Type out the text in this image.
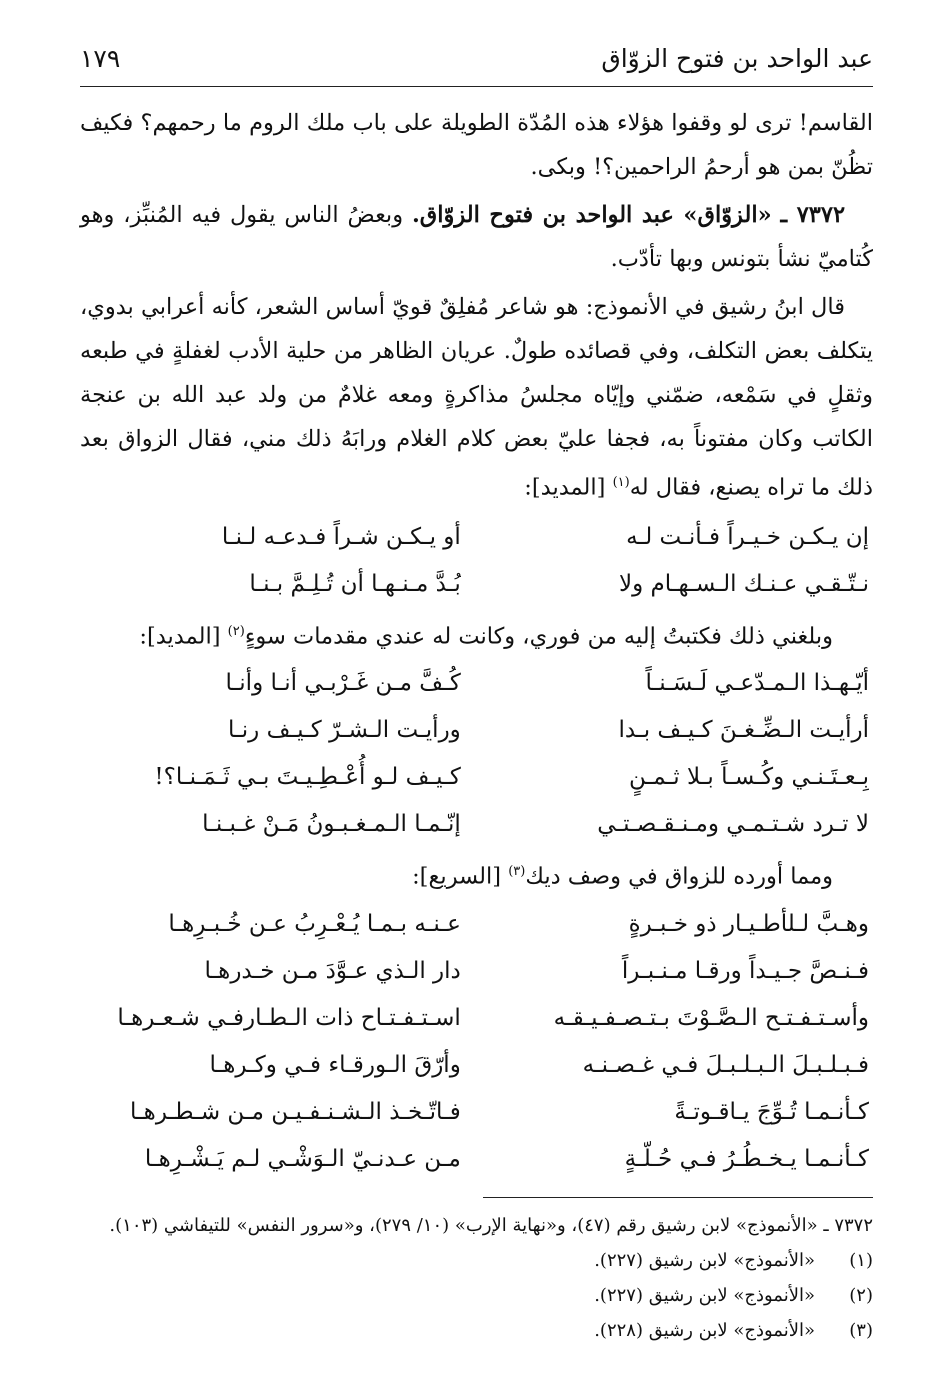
عبد الواحد بن فتوح الزوّاق
١٧٩

القاسم! ترى لو وقفوا هؤلاء هذه المُدّة الطويلة على باب ملك الروم ما رحمهم؟ فكيف تظُنّ بمن هو أرحمُ الراحمين؟! وبكى.

٧٣٧٢ ـ «الزوّاق» عبد الواحد بن فتوح الزوّاق. وبعضُ الناس يقول فيه المُنبِّز، وهو كُتاميّ نشأ بتونس وبها تأدّب.

قال ابنُ رشيق في الأنموذج: هو شاعر مُفلِقٌ قويّ أساس الشعر، كأنه أعرابي بدوي، يتكلف بعض التكلف، وفي قصائده طولٌ. عريان الظاهر من حلية الأدب لغفلةٍ في طبعه وثقلٍ في سَمْعه، ضمّني وإيّاه مجلسُ مذاكرةٍ ومعه غلامٌ من ولد عبد الله بن عنجة الكاتب وكان مفتوناً به، فجفا عليّ بعض كلام الغلام ورابَهُ ذلك مني، فقال الزواق بعد ذلك ما تراه يصنع، فقال له$^{(١)}$ [المديد]:

إن يـكـن خـيـراً فـأنـت لـه
أو يـكـن شـراً فـدعـه لـنـا
نـتّـقـي عـنـك الـسـهـام ولا
بُـدَّ مـنـهـا أن تُـلِـمَّ بـنـا
وبلغني ذلك فكتبتُ إليه من فوري، وكانت له عندي مقدمات سوءٍ$^{(٢)}$ [المديد]:
أيّـهـذا الـمـدّعـي لَـسَـنـاً
كُـفَّ مـن غَـرْبـي أنـا وأنـا
أرأيـت الـضِّـغـنَ كـيـف بـدا
ورأيـت الـشـرّ كـيـف رنـا
بِـعـتَـنـي وكُـسـاً بـلا ثـمـنٍ
كـيـف لـو أُعْـطِـيـتَ بـي ثَـمَـنـا؟!
لا تـرد شـتـمـي ومـنـقـصـتـي
إنّـمـا الـمـغـبـونُ مَـنْ غـبـنـا
ومما أورده للزواق في وصف ديك$^{(٣)}$ [السريع]:
وهـبَّ لـلأطـيـار ذو خـبـرةٍ
عـنـه بـمـا يُـعْـرِبُ عـن خُـبـرِهـا
فـنـصَّ جـيـداً ورقـا مـنـبـراً
دار الـذي عـوَّدَ مـن خـدرهـا
وأسـتـفـتـح الـصَّـوْتَ بـتـصـفـيـقـه
اسـتـفـتـاح ذات الـطـارفـي شـعـرهـا
فـبـلـبـلَ الـبـلـبـلَ فـي غـصـنـه
وأرّقَ الـورقـاء فـي وكـرهـا
كـأنـمـا تُـوِّجَ يـاقـوتـةً
فـاتّـخـذ الـشـنـفـيـن مـن شـطـرهـا
كـأنـمـا يـخـطُـرُ فـي حُـلّـةٍ
مـن عـدنـيّ الـوَشْـي لـم يَـشْـرِهـا
٧٣٧٢ ـ «الأنموذج» لابن رشيق رقم (٤٧)، و«نهاية الإرب» (١٠/ ٢٧٩)، و«سرور النفس» للتيفاشي (١٠٣).
(١)
«الأنموذج» لابن رشيق (٢٢٧).
(٢)
«الأنموذج» لابن رشيق (٢٢٧).
(٣)
«الأنموذج» لابن رشيق (٢٢٨).
